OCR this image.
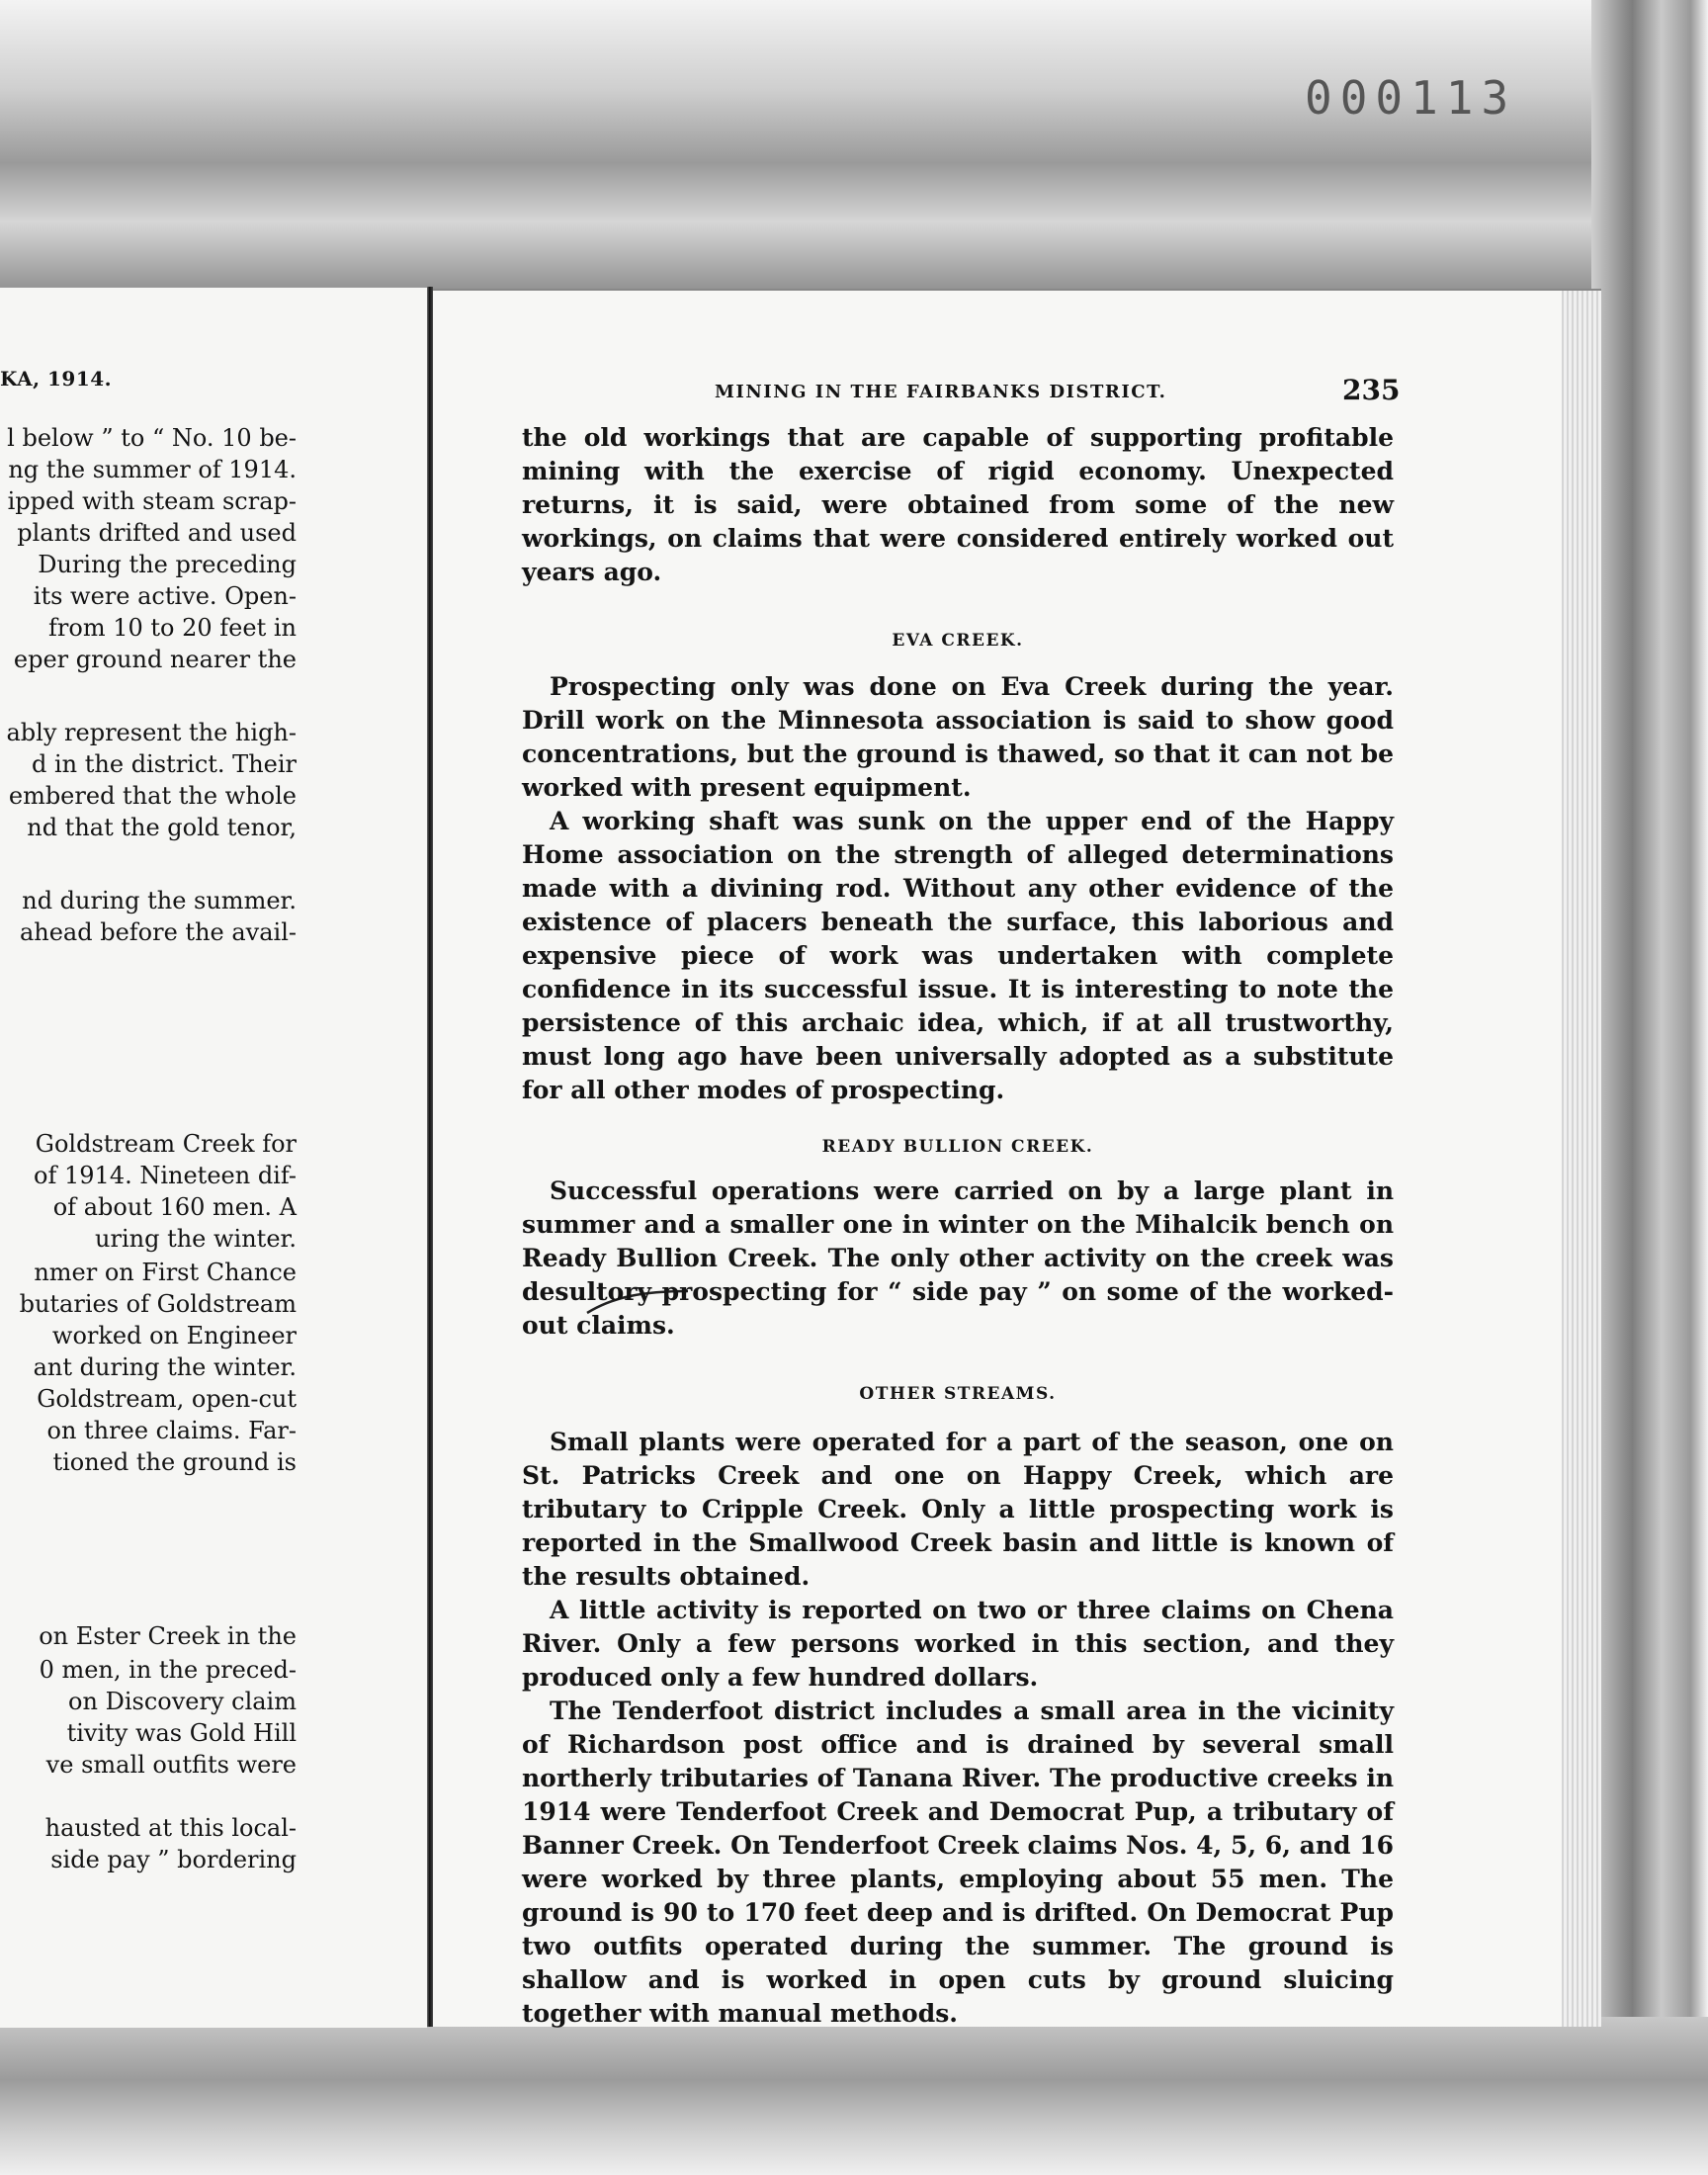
000113
KA, 1914.
l below ” to “ No. 10 be-
ng the summer of 1914.
ipped with steam scrap-
plants drifted and used
During the preceding
its were active. Open-
from 10 to 20 feet in
eper ground nearer the
ably represent the high-
d in the district. Their
embered that the whole
nd that the gold tenor,
nd during the summer.
ahead before the avail-
Goldstream Creek for
of 1914. Nineteen dif-
of about 160 men. A
uring the winter.
nmer on First Chance
butaries of Goldstream
worked on Engineer
ant during the winter.
Goldstream, open-cut
on three claims. Far-
tioned the ground is
on Ester Creek in the
0 men, in the preced-
on Discovery claim
tivity was Gold Hill
ve small outfits were
hausted at this local-
side pay ” bordering
MINING IN THE FAIRBANKS DISTRICT.	235

the old workings that are capable of supporting profitable mining with the exercise of rigid economy. Unexpected returns, it is said, were obtained from some of the new workings, on claims that were considered entirely worked out years ago.

EVA CREEK.

Prospecting only was done on Eva Creek during the year. Drill work on the Minnesota association is said to show good concentrations, but the ground is thawed, so that it can not be worked with present equipment.

A working shaft was sunk on the upper end of the Happy Home association on the strength of alleged determinations made with a divining rod. Without any other evidence of the existence of placers beneath the surface, this laborious and expensive piece of work was undertaken with complete confidence in its successful issue. It is interesting to note the persistence of this archaic idea, which, if at all trustworthy, must long ago have been universally adopted as a substitute for all other modes of prospecting.

READY BULLION CREEK.

Successful operations were carried on by a large plant in summer and a smaller one in winter on the Mihalcik bench on Ready Bullion Creek. The only other activity on the creek was desultory prospecting for “ side pay ” on some of the worked-out claims.

OTHER STREAMS.

Small plants were operated for a part of the season, one on St. Patricks Creek and one on Happy Creek, which are tributary to Cripple Creek. Only a little prospecting work is reported in the Smallwood Creek basin and little is known of the results obtained.

A little activity is reported on two or three claims on Chena River. Only a few persons worked in this section, and they produced only a few hundred dollars.

The Tenderfoot district includes a small area in the vicinity of Richardson post office and is drained by several small northerly tributaries of Tanana River. The productive creeks in 1914 were Tenderfoot Creek and Democrat Pup, a tributary of Banner Creek. On Tenderfoot Creek claims Nos. 4, 5, 6, and 16 were worked by three plants, employing about 55 men. The ground is 90 to 170 feet deep and is drifted. On Democrat Pup two outfits operated during the summer. The ground is shallow and is worked in open cuts by ground sluicing together with manual methods.
